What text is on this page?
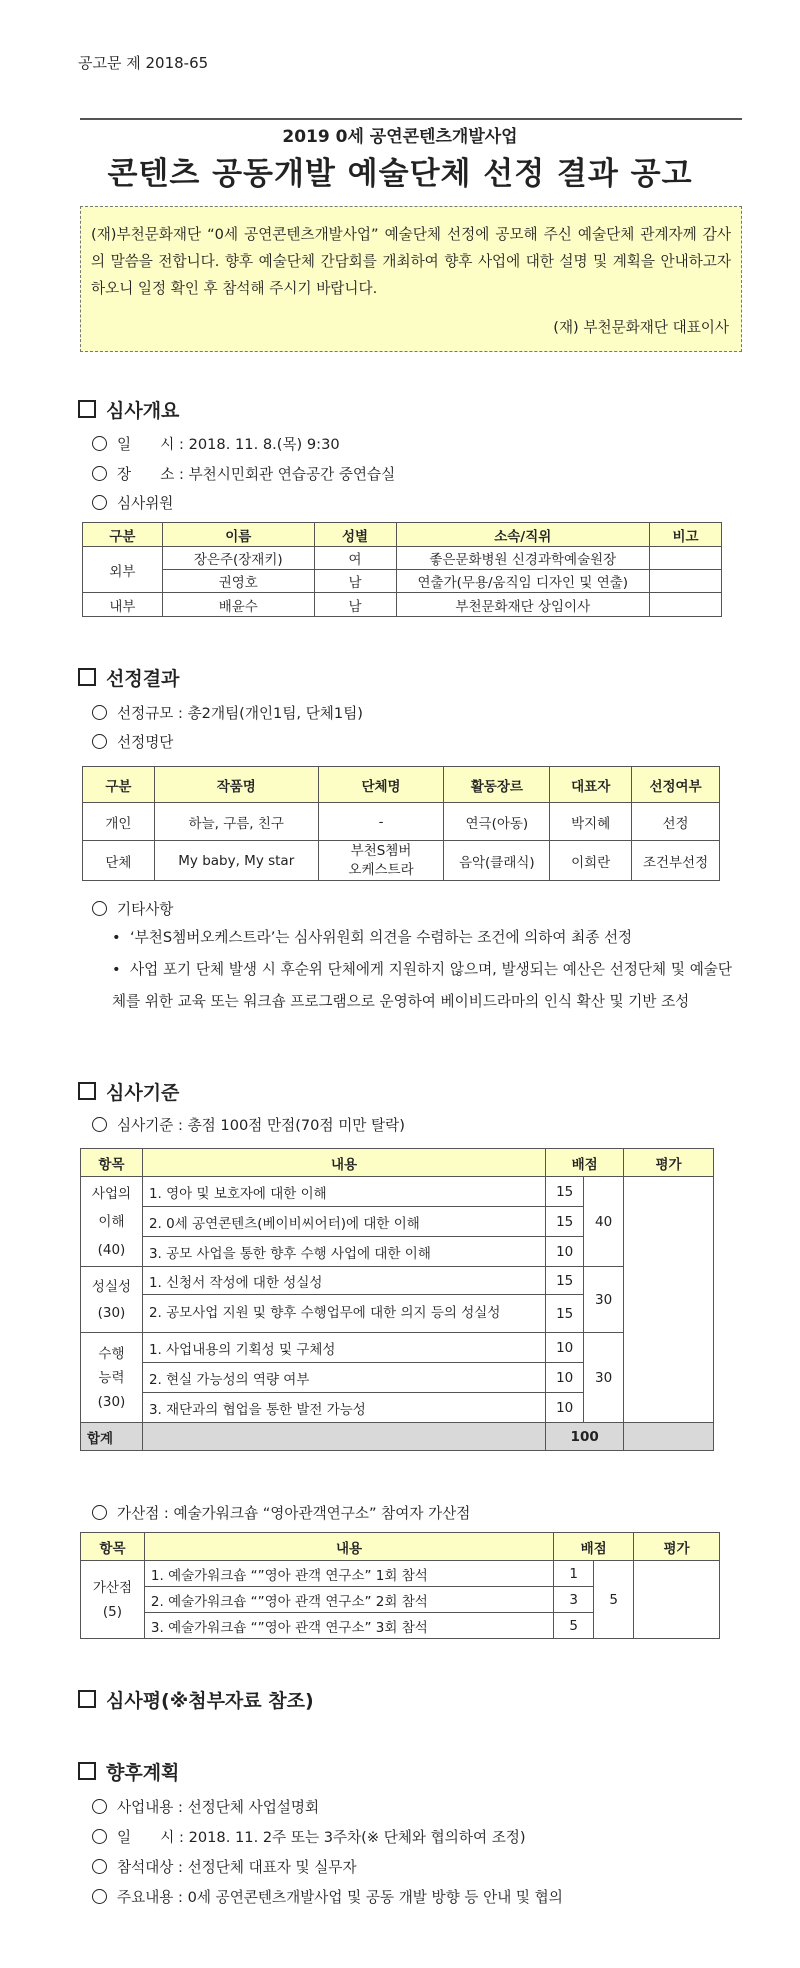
공고문 제 2018-65
2019 0세 공연콘텐츠개발사업
콘텐츠 공동개발 예술단체 선정 결과 공고
(재)부천문화재단 “0세 공연콘텐츠개발사업” 예술단체 선정에 공모해 주신 예술단체 관계자께 감사의 말씀을 전합니다. 향후 예술단체 간담회를 개최하여 향후 사업에 대한 설명 및 계획을 안내하고자 하오니 일정 확인 후 참석해 주시기 바랍니다.
(재) 부천문화재단 대표이사
심사개요
일　　시 : 2018. 11. 8.(목) 9:30
장　　소 : 부천시민회관 연습공간 중연습실
심사위원
구분	이름	성별	소속/직위	비고
외부	장은주(장재키)	여	좋은문화병원 신경과학예술원장	
	권영호	남	연출가(무용/움직임 디자인 및 연출)	
내부	배윤수	남	부천문화재단 상임이사	
선정결과
선정규모 : 총2개팀(개인1팀, 단체1팀)
선정명단
구분	작품명	단체명	활동장르	대표자	선정여부
개인	하늘, 구름, 친구	-	연극(아동)	박지혜	선정
단체	My baby, My star	부천S쳄버
오케스트라	음악(클래식)	이희란	조건부선정
기타사항
• ‘부천S쳄버오케스트라’는 심사위원회 의견을 수렴하는 조건에 의하여 최종 선정
• 사업 포기 단체 발생 시 후순위 단체에게 지원하지 않으며, 발생되는 예산은 선정단체 및 예술단체를 위한 교육 또는 워크숍 프로그램으로 운영하여 베이비드라마의 인식 확산 및 기반 조성
심사기준
심사기준 : 총점 100점 만점(70점 미만 탈락)
항목	내용	배점		평가
사업의
이해
(40)	1. 영아 및 보호자에 대한 이해	15	40	
	2. 0세 공연콘텐츠(베이비씨어터)에 대한 이해	15		
	3. 공모 사업을 통한 향후 수행 사업에 대한 이해	10		
성실성
(30)	1. 신청서 작성에 대한 성실성	15	30	
	2. 공모사업 지원 및 향후 수행업무에 대한 의지 등의 성실성	15		
수행
능력
(30)	1. 사업내용의 기획성 및 구체성	10	30	
	2. 현실 가능성의 역량 여부	10		
	3. 재단과의 협업을 통한 발전 가능성	10		
합계		100		
가산점 : 예술가워크숍 “영아관객연구소” 참여자 가산점
항목	내용	배점		평가
가산점
(5)	1. 예술가워크숍 “”영아 관객 연구소” 1회 참석	1	5	
	2. 예술가워크숍 “”영아 관객 연구소” 2회 참석	3		
	3. 예술가워크숍 “”영아 관객 연구소” 3회 참석	5		
심사평(※첨부자료 참조)
향후계획
사업내용 : 선정단체 사업설명회
일　　시 : 2018. 11. 2주 또는 3주차(※ 단체와 협의하여 조정)
참석대상 : 선정단체 대표자 및 실무자
주요내용 : 0세 공연콘텐츠개발사업 및 공동 개발 방향 등 안내 및 협의
